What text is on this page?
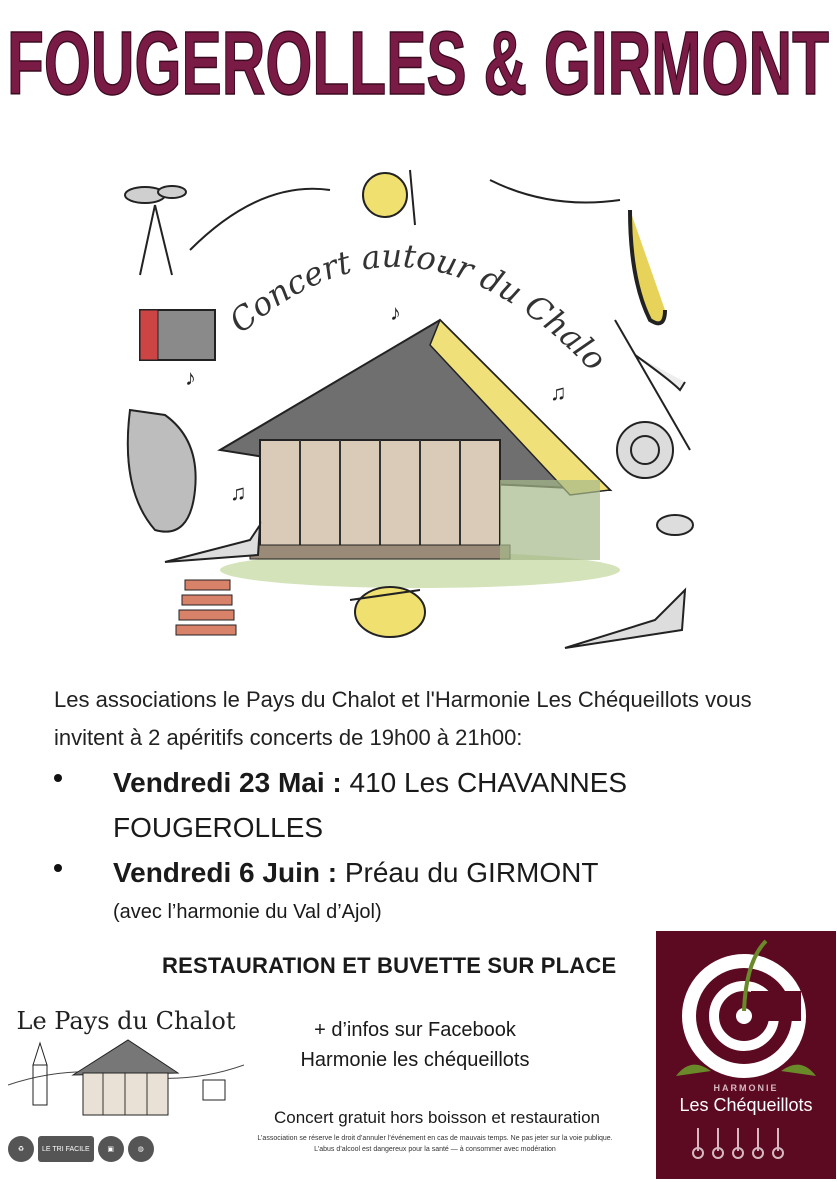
FOUGEROLLES & GIRMONT
Concert autour du Chalo
♪
♪
♫
♫
Les associations le Pays du Chalot et l'Harmonie Les Chéqueillots vous invitent à 2 apéritifs concerts de 19h00 à 21h00:
Vendredi 23 Mai : 410 Les CHAVANNES FOUGEROLLES
Vendredi 6 Juin : Préau du GIRMONT
(avec l’harmonie du Val d’Ajol)
RESTAURATION ET BUVETTE SUR PLACE
Le Pays du Chalot	+ d’infos sur Facebook
Harmonie les chéqueillots
Concert gratuit hors boisson et restauration
L’association se réserve le droit d’annuler l’événement en cas de mauvais temps. Ne pas jeter sur la voie publique.
L’abus d’alcool est dangereux pour la santé — à consommer avec modération
♻	LE TRI FACILE	▣	◍
HARMONIE
Les Chéqueillots
